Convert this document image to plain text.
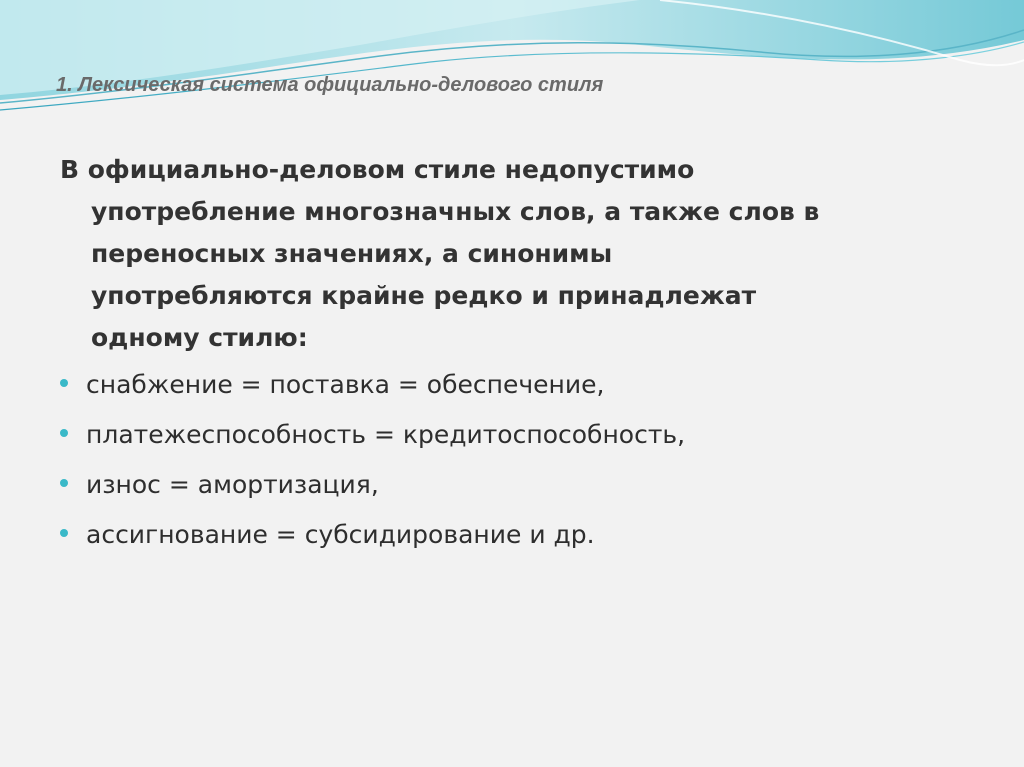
1. Лексическая система официально-делового стиля
В официально-деловом стиле недопустимо
употребление многозначных слов, а также слов в
переносных значениях, а синонимы
употребляются крайне редко и принадлежат
одному стилю:
снабжение = поставка = обеспечение,
платежеспособность = кредитоспособность,
износ = амортизация,
ассигнование = субсидирование и др.
